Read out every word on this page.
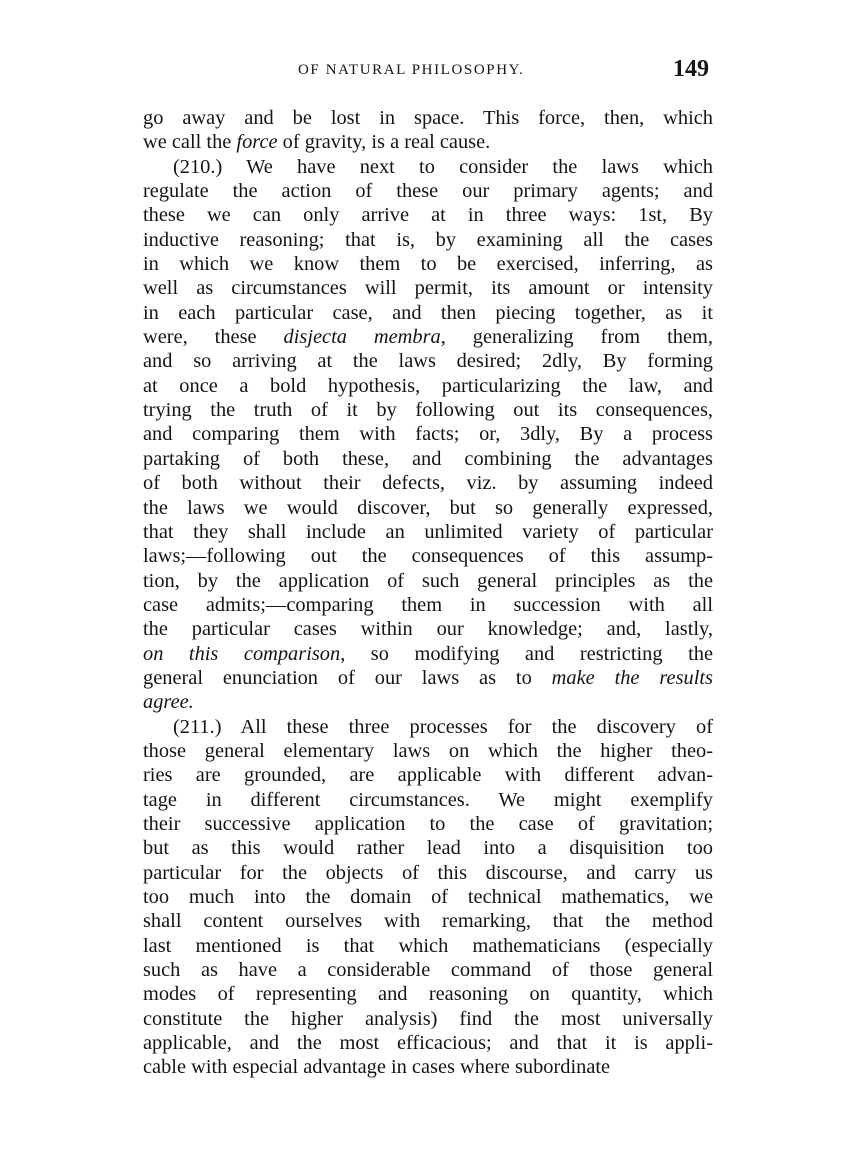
OF NATURAL PHILOSOPHY.	149
go away and be lost in space. This force, then, which
we call the force of gravity, is a real cause.
(210.) We have next to consider the laws which
regulate the action of these our primary agents; and
these we can only arrive at in three ways: 1st, By
inductive reasoning; that is, by examining all the cases
in which we know them to be exercised, inferring, as
well as circumstances will permit, its amount or intensity
in each particular case, and then piecing together, as it
were, these disjecta membra, generalizing from them,
and so arriving at the laws desired; 2dly, By forming
at once a bold hypothesis, particularizing the law, and
trying the truth of it by following out its consequences,
and comparing them with facts; or, 3dly, By a process
partaking of both these, and combining the advantages
of both without their defects, viz. by assuming indeed
the laws we would discover, but so generally expressed,
that they shall include an unlimited variety of particular
laws;—following out the consequences of this assump-
tion, by the application of such general principles as the
case admits;—comparing them in succession with all
the particular cases within our knowledge; and, lastly,
on this comparison, so modifying and restricting the
general enunciation of our laws as to make the results
agree.
(211.) All these three processes for the discovery of
those general elementary laws on which the higher theo-
ries are grounded, are applicable with different advan-
tage in different circumstances. We might exemplify
their successive application to the case of gravitation;
but as this would rather lead into a disquisition too
particular for the objects of this discourse, and carry us
too much into the domain of technical mathematics, we
shall content ourselves with remarking, that the method
last mentioned is that which mathematicians (especially
such as have a considerable command of those general
modes of representing and reasoning on quantity, which
constitute the higher analysis) find the most universally
applicable, and the most efficacious; and that it is appli-
cable with especial advantage in cases where subordinate
